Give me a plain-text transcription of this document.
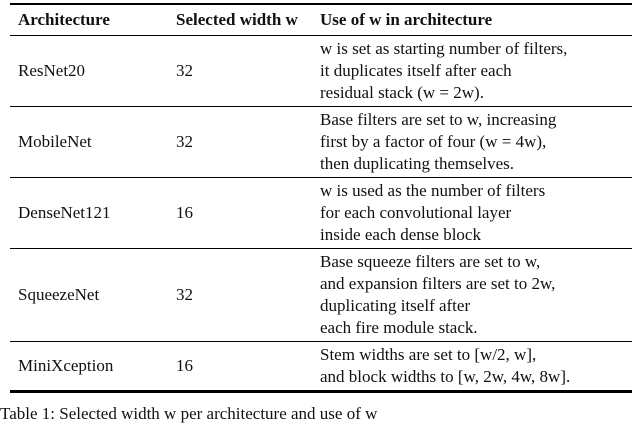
Architecture	Selected width w	Use of w in architecture
ResNet20	32	w is set as starting number of filters,
it duplicates itself after each
residual stack (w = 2w).

MobileNet	32	Base filters are set to w, increasing
first by a factor of four (w = 4w),
then duplicating themselves.

DenseNet121	16	w is used as the number of filters
for each convolutional layer
inside each dense block

SqueezeNet	32	Base squeeze filters are set to w,
and expansion filters are set to 2w,
duplicating itself after
each fire module stack.

MiniXception	16	Stem widths are set to [w/2, w],
and block widths to [w, 2w, 4w, 8w].
Table 1: Selected width w per architecture and use of w
